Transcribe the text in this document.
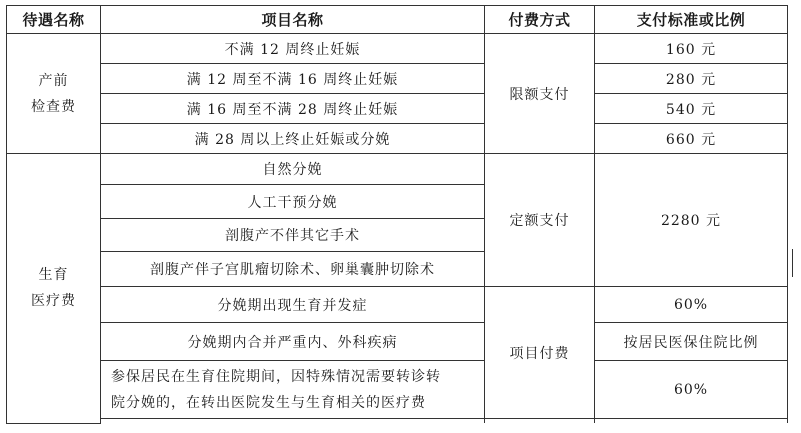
待遇名称	项目名称	付费方式	支付标准或比例
产前
检查费	不满 12 周终止妊娠	限额支付	160 元
	满 12 周至不满 16 周终止妊娠		280 元
	满 16 周至不满 28 周终止妊娠		540 元
	满 28 周以上终止妊娠或分娩		660 元
生育
医疗费	自然分娩	定额支付	2280 元
	人工干预分娩		
	剖腹产不伴其它手术		
	剖腹产伴子宫肌瘤切除术、卵巢囊肿切除术		
	分娩期出现生育并发症	项目付费	60%
	分娩期内合并严重内、外科疾病		按居民医保住院比例
	参保居民在生育住院期间，因特殊情况需要转诊转
院分娩的，在转出医院发生与生育相关的医疗费		60%
